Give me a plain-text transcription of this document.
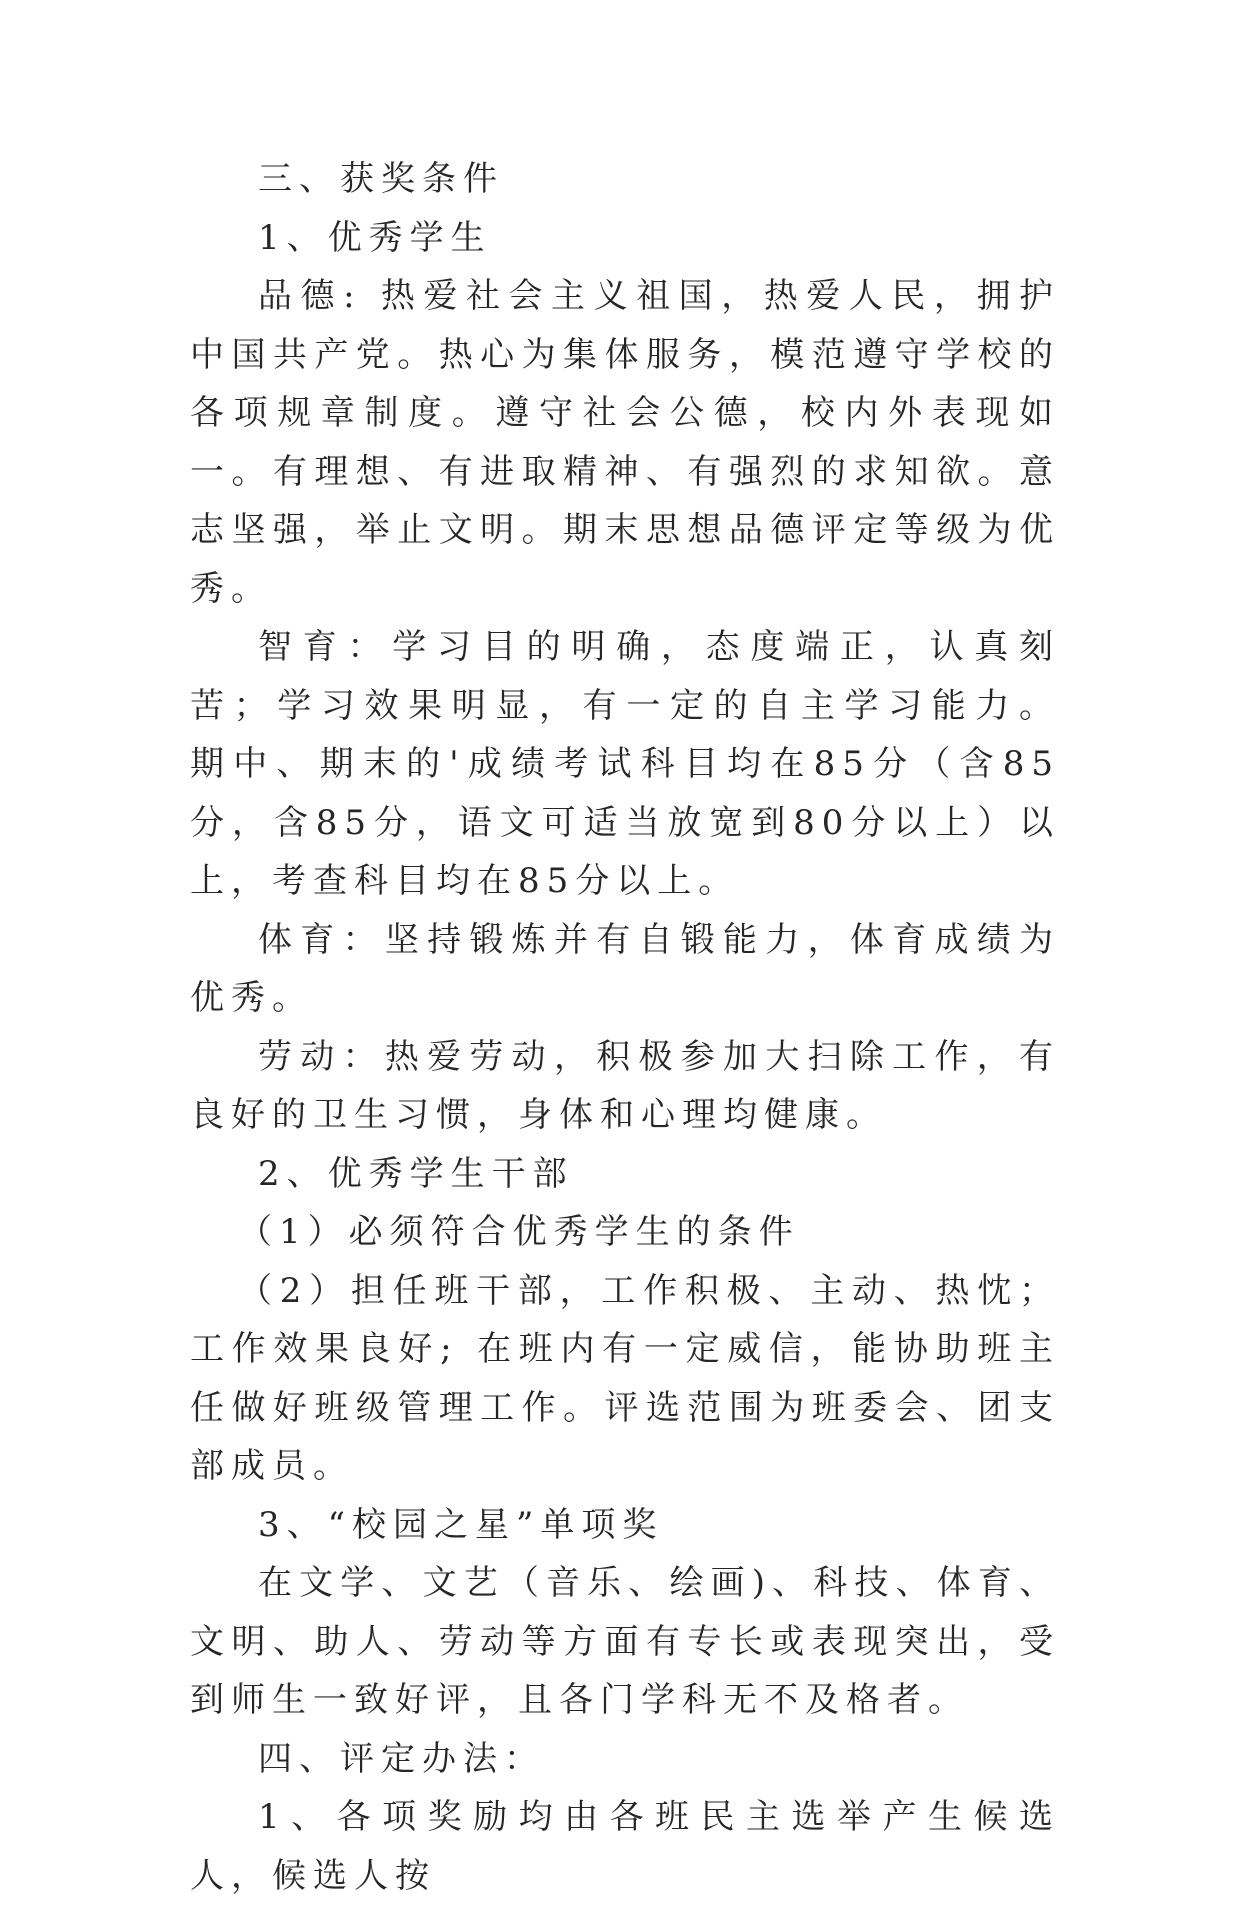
三、获奖条件

1、优秀学生

品德: 热爱社会主义祖国，热爱人民，拥护中国共产党。热心为集体服务，模范遵守学校的各项规章制度。遵守社会公德，校内外表现如一。有理想、有进取精神、有强烈的求知欲。意志坚强，举止文明。期末思想品德评定等级为优秀。

智育：学习目的明确，态度端正，认真刻苦；学习效果明显，有一定的自主学习能力。 期中、期末的'成绩考试科目均在85分（含85分，含85分，语文可适当放宽到80分以上）以上，考查科目均在85分以上。

体育：坚持锻炼并有自锻能力，体育成绩为优秀。

劳动：热爱劳动，积极参加大扫除工作，有良好的卫生习惯，身体和心理均健康。

2、优秀学生干部

（1）必须符合优秀学生的条件

（2）担任班干部，工作积极、主动、热忱；工作效果良好; 在班内有一定威信，能协助班主任做好班级管理工作。评选范围为班委会、团支部成员。

3、“校园之星”单项奖

在文学、文艺（音乐、绘画)、科技、体育、文明、助人、劳动等方面有专长或表现突出，受到师生一致好评，且各门学科无不及格者。

四、评定办法：

1、各项奖励均由各班民主选举产生候选人，候选人按
